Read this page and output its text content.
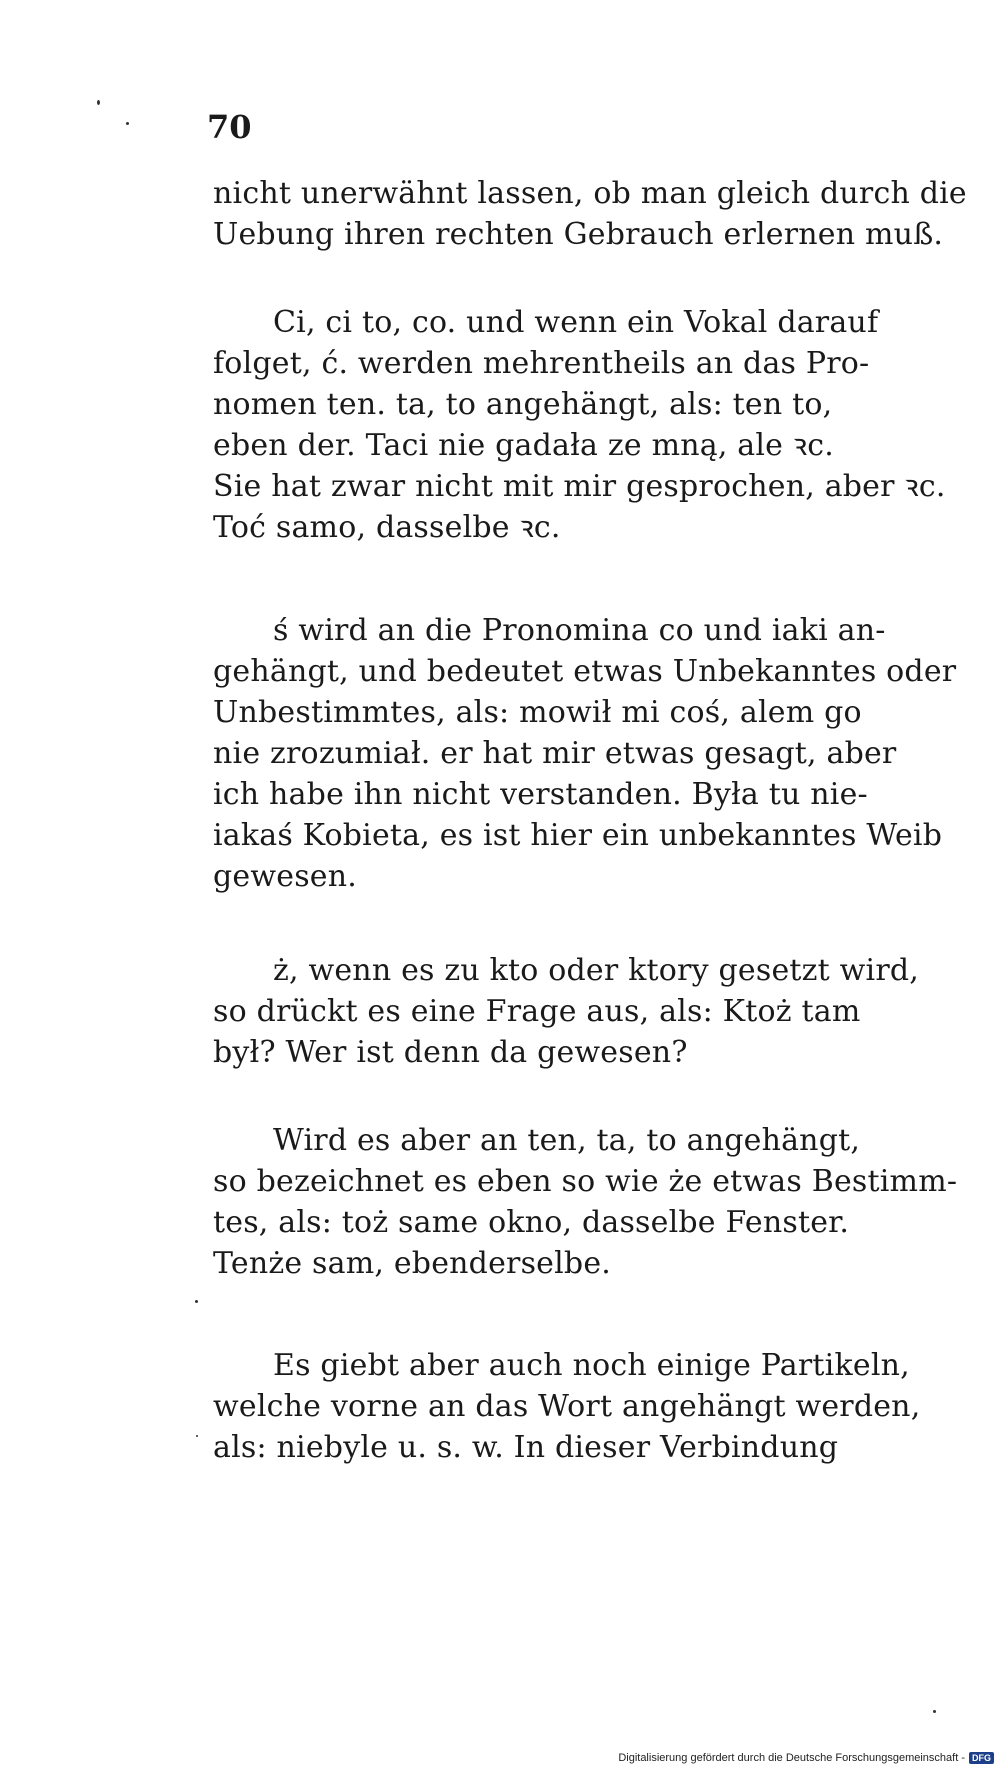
70
nicht unerwähnt lassen, ob man gleich durch die
Uebung ihren rechten Gebrauch erlernen muß.
Ci, ci to, co. und wenn ein Vokal darauf
folget, ć. werden mehrentheils an das Pro-
nomen ten. ta, to angehängt, als: ten to,
eben der. Taci nie gadała ze mną, ale ꝛc.
Sie hat zwar nicht mit mir gesprochen, aber ꝛc.
Toć samo, dasselbe ꝛc.
ś wird an die Pronomina co und iaki an-
gehängt, und bedeutet etwas Unbekanntes oder
Unbestimmtes, als: mowił mi coś, alem go
nie zrozumiał. er hat mir etwas gesagt, aber
ich habe ihn nicht verstanden. Była tu nie-
iakaś Kobieta, es ist hier ein unbekanntes Weib
gewesen.
ż, wenn es zu kto oder ktory gesetzt wird,
so drückt es eine Frage aus, als: Ktoż tam
był? Wer ist denn da gewesen?
Wird es aber an ten, ta, to angehängt,
so bezeichnet es eben so wie że etwas Bestimm-
tes, als: toż same okno, dasselbe Fenster.
Tenże sam, ebenderselbe.
Es giebt aber auch noch einige Partikeln,
welche vorne an das Wort angehängt werden,
als: niebyle u. s. w. In dieser Verbindung
Digitalisierung gefördert durch die Deutsche Forschungsgemeinschaft - DFG
